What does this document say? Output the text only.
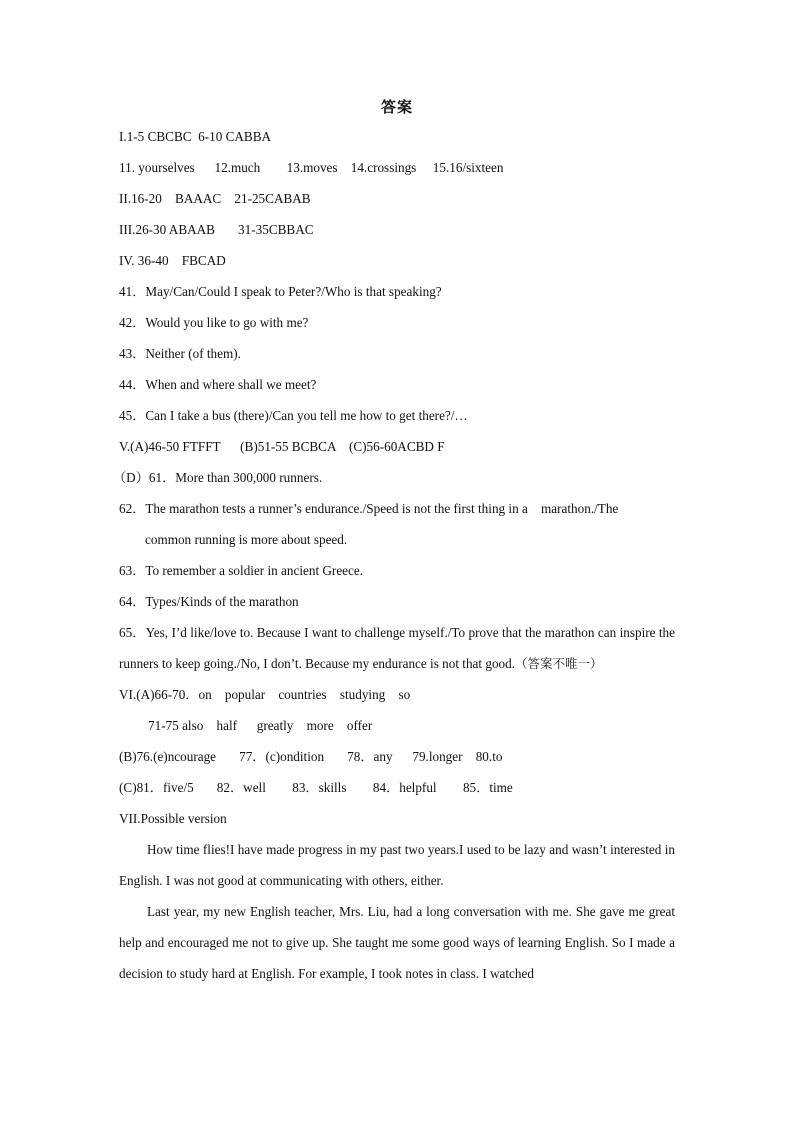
答案
I.1-5 CBCBC  6-10 CABBA
11. yourselves      12.much        13.moves    14.crossings     15.16/sixteen
II.16-20    BAAAC    21-25CABAB
III.26-30 ABAAB       31-35CBBAC
IV. 36-40    FBCAD
41．May/Can/Could I speak to Peter?/Who is that speaking?
42．Would you like to go with me?
43．Neither (of them).
44．When and where shall we meet?
45．Can I take a bus (there)/Can you tell me how to get there?/…
V.(A)46-50 FTFFT      (B)51-55 BCBCA    (C)56-60ACBD F
（D）61．More than 300,000 runners.
62．The marathon tests a runner’s endurance./Speed is not the first thing in a    marathon./The
common running is more about speed.
63．To remember a soldier in ancient Greece.
64．Types/Kinds of the marathon
65．Yes, I’d like/love to. Because I want to challenge myself./To prove that the marathon can inspire the runners to keep going./No, I don’t. Because my endurance is not that good.（答案不唯一）
VI.(A)66-70．on    popular    countries    studying    so
71-75 also    half      greatly    more    offer
(B)76.(e)ncourage       77．(c)ondition       78．any      79.longer    80.to
(C)81．five/5       82．well        83．skills        84．helpful        85．time
VII.Possible version
How time flies!I have made progress in my past two years.I used to be lazy and wasn’t interested in English. I was not good at communicating with others, either.
Last year, my new English teacher, Mrs. Liu, had a long conversation with me. She gave me great help and encouraged me not to give up. She taught me some good ways of learning English. So I made a decision to study hard at English. For example, I took notes in class. I watched
